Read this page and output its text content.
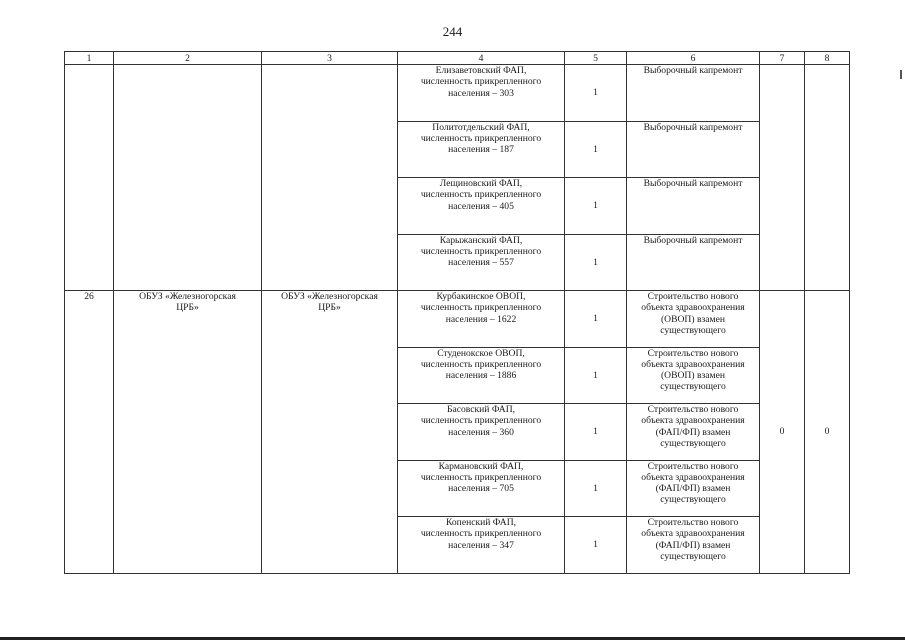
244
1	2	3	4	5	6	7	8

			Елизаветовский ФАП,
численность прикрепленного
населения – 303	1	Выборочный капремонт		

			Политотдельский ФАП,
численность прикрепленного
населения – 187	1	Выборочный капремонт		

			Лещиновский ФАП,
численность прикрепленного
населения – 405	1	Выборочный капремонт		

			Карыжанский ФАП,
численность прикрепленного
населения – 557	1	Выборочный капремонт		

26	ОБУЗ «Железногорская
ЦРБ»	ОБУЗ «Железногорская
ЦРБ»	Курбакинское ОВОП,
численность прикрепленного
населения – 1622	1	Строительство нового
объекта здравоохранения
(ОВОП) взамен
существующего	0	0

			Студенокское ОВОП,
численность прикрепленного
населения – 1886	1	Строительство нового
объекта здравоохранения
(ОВОП) взамен
существующего		

			Басовский ФАП,
численность прикрепленного
населения – 360	1	Строительство нового
объекта здравоохранения
(ФАП/ФП) взамен
существующего		

			Кармановский ФАП,
численность прикрепленного
населения – 705	1	Строительство нового
объекта здравоохранения
(ФАП/ФП) взамен
существующего		

			Копенский ФАП,
численность прикрепленного
населения – 347	1	Строительство нового
объекта здравоохранения
(ФАП/ФП) взамен
существующего		
